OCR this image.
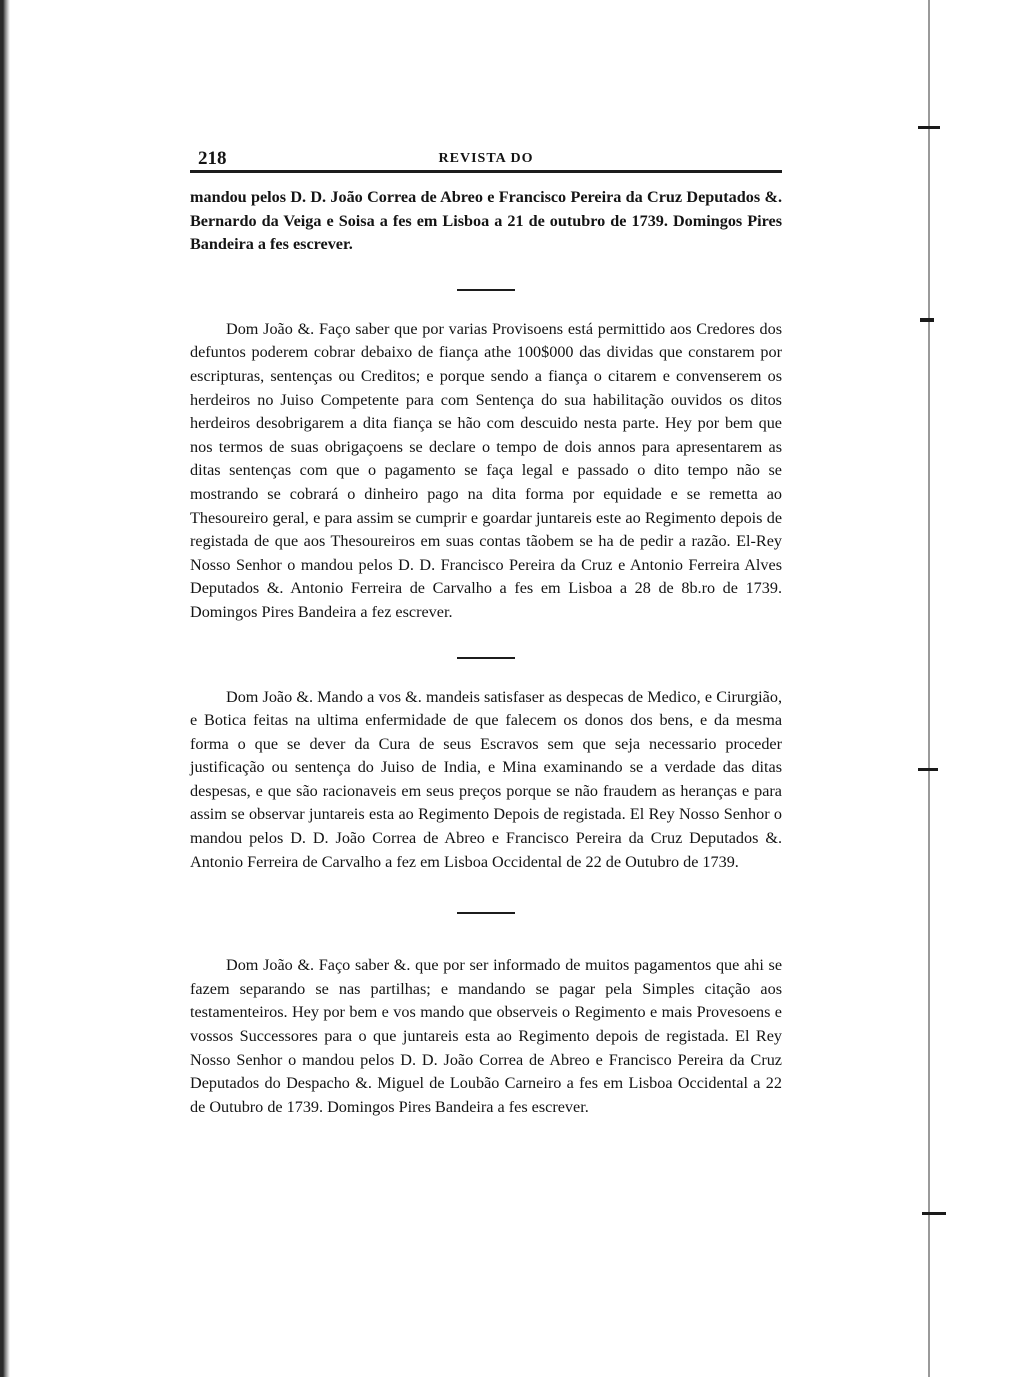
218	REVISTA DO

mandou pelos D. D. João Correa de Abreo e Francisco Pereira da Cruz Deputados &. Bernardo da Veiga e Soisa a fes em Lisboa a 21 de outubro de 1739. Domingos Pires Bandeira a fes escrever.

Dom João &. Faço saber que por varias Provisoens está permittido aos Credores dos defuntos poderem cobrar debaixo de fiança athe 100$000 das dividas que constarem por escripturas, sentenças ou Creditos; e porque sendo a fiança o citarem e convenserem os herdeiros no Juiso Competente para com Sentença do sua habilitação ouvidos os ditos herdeiros desobrigarem a dita fiança se hão com descuido nesta parte. Hey por bem que nos termos de suas obrigaçoens se declare o tempo de dois annos para apresentarem as ditas sentenças com que o pagamento se faça legal e passado o dito tempo não se mostrando se cobrará o dinheiro pago na dita forma por equidade e se remetta ao Thesoureiro geral, e para assim se cumprir e goardar juntareis este ao Regimento depois de registada de que aos Thesoureiros em suas contas tãobem se ha de pedir a razão. El-Rey Nosso Senhor o mandou pelos D. D. Francisco Pereira da Cruz e Antonio Ferreira Alves Deputados &. Antonio Ferreira de Carvalho a fes em Lisboa a 28 de 8b.ro de 1739. Domingos Pires Bandeira a fez escrever.

Dom João &. Mando a vos &. mandeis satisfaser as despecas de Medico, e Cirurgião, e Botica feitas na ultima enfermidade de que falecem os donos dos bens, e da mesma forma o que se dever da Cura de seus Escravos sem que seja necessario proceder justificação ou sentença do Juiso de India, e Mina examinando se a verdade das ditas despesas, e que são racionaveis em seus preços porque se não fraudem as heranças e para assim se observar juntareis esta ao Regimento Depois de registada. El Rey Nosso Senhor o mandou pelos D. D. João Correa de Abreo e Francisco Pereira da Cruz Deputados &. Antonio Ferreira de Carvalho a fez em Lisboa Occidental de 22 de Outubro de 1739.

Dom João &. Faço saber &. que por ser informado de muitos pagamentos que ahi se fazem separando se nas partilhas; e mandando se pagar pela Simples citação aos testamenteiros. Hey por bem e vos mando que observeis o Regimento e mais Provesoens e vossos Successores para o que juntareis esta ao Regimento depois de registada. El Rey Nosso Senhor o mandou pelos D. D. João Correa de Abreo e Francisco Pereira da Cruz Deputados do Despacho &. Miguel de Loubão Carneiro a fes em Lisboa Occidental a 22 de Outubro de 1739. Domingos Pires Bandeira a fes escrever.
